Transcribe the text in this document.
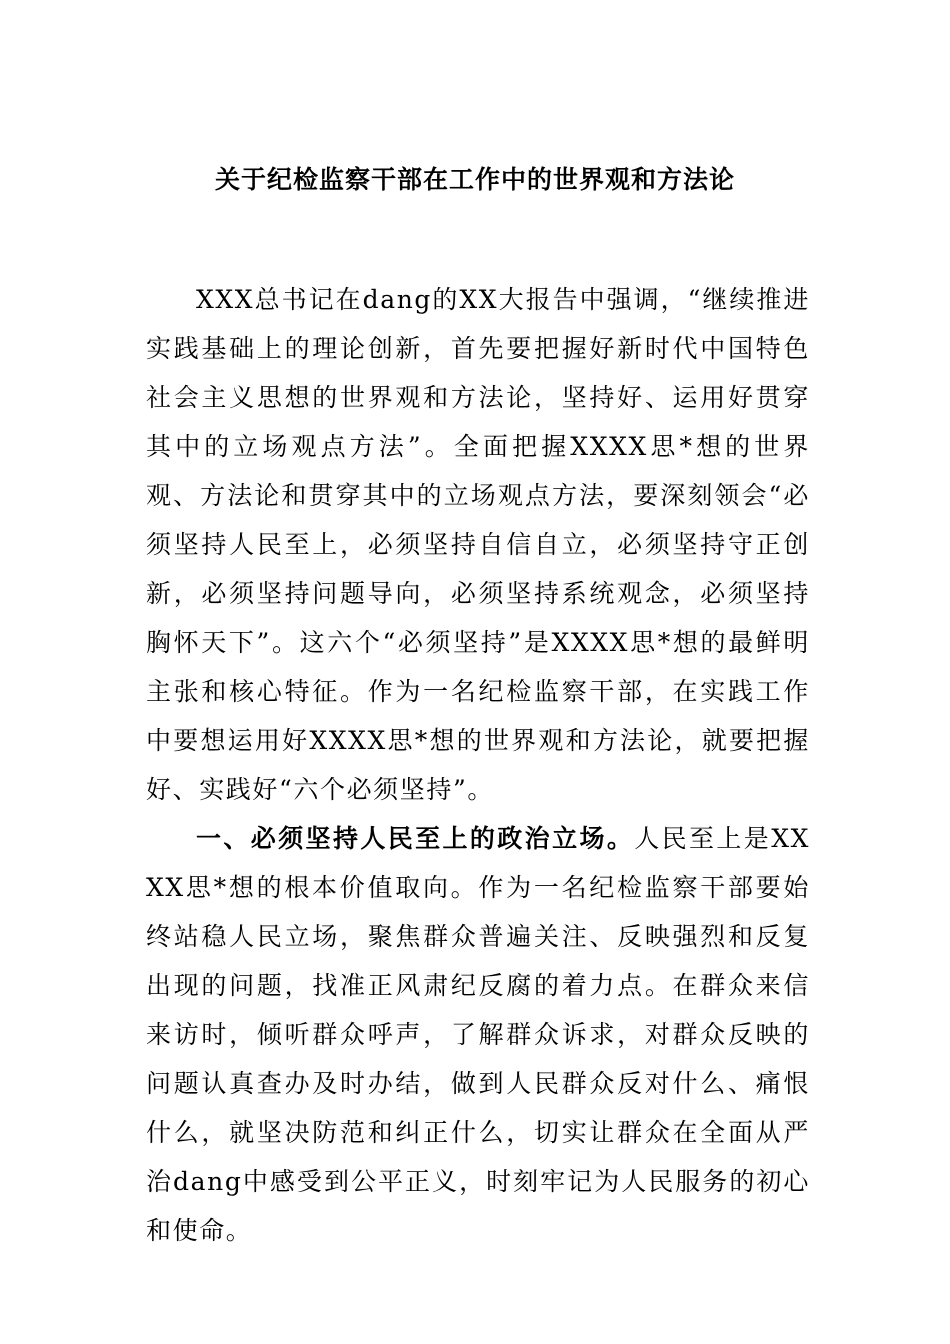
关于纪检监察干部在工作中的世界观和方法论

XXX总书记在dang的XX大报告中强调，“继续推进实践基础上的理论创新，首先要把握好新时代中国特色社会主义思想的世界观和方法论，坚持好、运用好贯穿其中的立场观点方法”。全面把握XXXX思*想的世界观、方法论和贯穿其中的立场观点方法，要深刻领会“必须坚持人民至上，必须坚持自信自立，必须坚持守正创新，必须坚持问题导向，必须坚持系统观念，必须坚持胸怀天下”。这六个“必须坚持”是XXXX思*想的最鲜明主张和核心特征。作为一名纪检监察干部，在实践工作中要想运用好XXXX思*想的世界观和方法论，就要把握好、实践好“六个必须坚持”。

一、必须坚持人民至上的政治立场。人民至上是XXXX思*想的根本价值取向。作为一名纪检监察干部要始终站稳人民立场，聚焦群众普遍关注、反映强烈和反复出现的问题，找准正风肃纪反腐的着力点。在群众来信来访时，倾听群众呼声，了解群众诉求，对群众反映的问题认真查办及时办结，做到人民群众反对什么、痛恨什么，就坚决防范和纠正什么，切实让群众在全面从严治dang中感受到公平正义，时刻牢记为人民服务的初心和使命。
